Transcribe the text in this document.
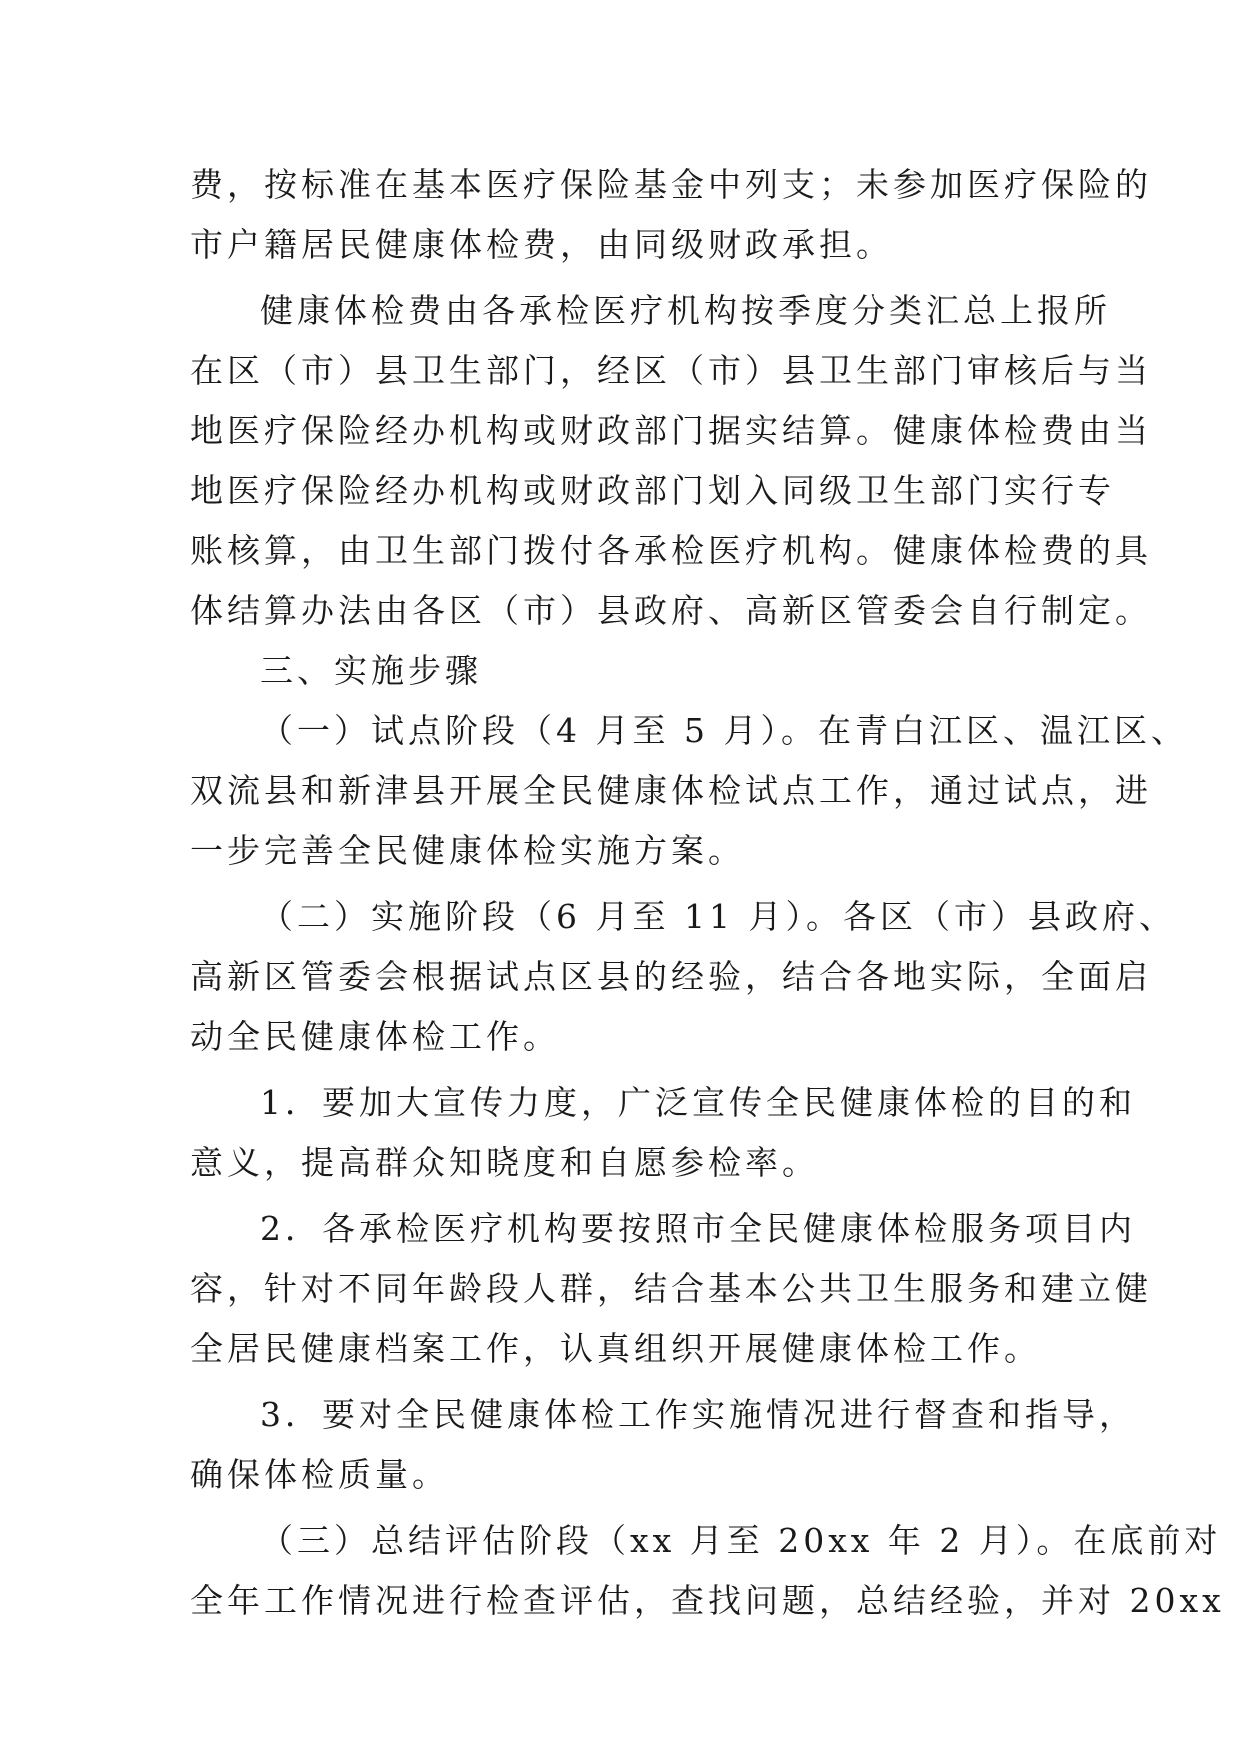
费，按标准在基本医疗保险基金中列支；未参加医疗保险的
市户籍居民健康体检费，由同级财政承担。
健康体检费由各承检医疗机构按季度分类汇总上报所
在区（市）县卫生部门，经区（市）县卫生部门审核后与当
地医疗保险经办机构或财政部门据实结算。健康体检费由当
地医疗保险经办机构或财政部门划入同级卫生部门实行专
账核算，由卫生部门拨付各承检医疗机构。健康体检费的具
体结算办法由各区（市）县政府、高新区管委会自行制定。
三、实施步骤
（一）试点阶段（4 月至 5 月）。在青白江区、温江区、
双流县和新津县开展全民健康体检试点工作，通过试点，进
一步完善全民健康体检实施方案。
（二）实施阶段（6 月至 11 月）。各区（市）县政府、
高新区管委会根据试点区县的经验，结合各地实际，全面启
动全民健康体检工作。
1．要加大宣传力度，广泛宣传全民健康体检的目的和
意义，提高群众知晓度和自愿参检率。
2．各承检医疗机构要按照市全民健康体检服务项目内
容，针对不同年龄段人群，结合基本公共卫生服务和建立健
全居民健康档案工作，认真组织开展健康体检工作。
3．要对全民健康体检工作实施情况进行督查和指导，
确保体检质量。
（三）总结评估阶段（xx 月至 20xx 年 2 月）。在底前对
全年工作情况进行检查评估，查找问题，总结经验，并对 20xx
